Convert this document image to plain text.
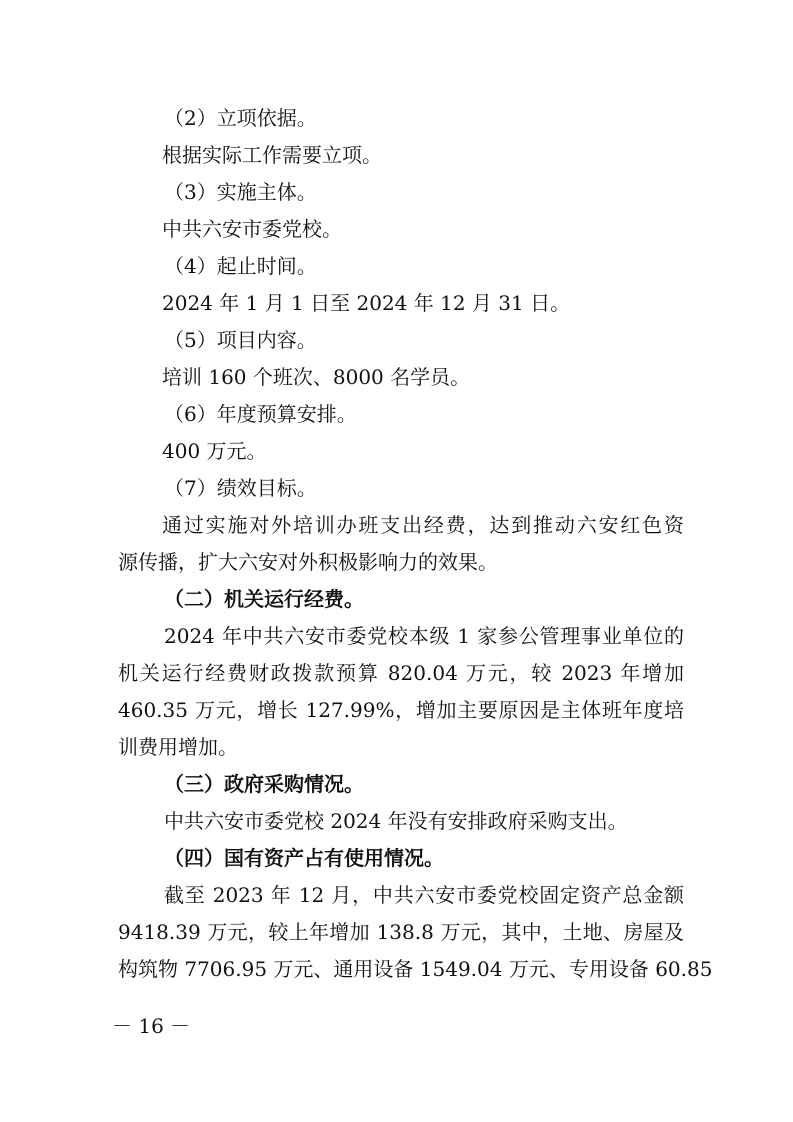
（2）立项依据。
根据实际工作需要立项。
（3）实施主体。
中共六安市委党校。
（4）起止时间。
2024 年 1 月 1 日至 2024 年 12 月 31 日。
（5）项目内容。
培训 160 个班次、8000 名学员。
（6）年度预算安排。
400 万元。
（7）绩效目标。
通过实施对外培训办班支出经费，达到推动六安红色资
源传播，扩大六安对外积极影响力的效果。
（二）机关运行经费。
2024 年中共六安市委党校本级 1 家参公管理事业单位的
机关运行经费财政拨款预算 820.04 万元，较 2023 年增加
460.35 万元，增长 127.99%，增加主要原因是主体班年度培
训费用增加。
（三）政府采购情况。
中共六安市委党校 2024 年没有安排政府采购支出。
（四）国有资产占有使用情况。
截至 2023 年 12 月，中共六安市委党校固定资产总金额
9418.39 万元，较上年增加 138.8 万元，其中，土地、房屋及
构筑物 7706.95 万元、通用设备 1549.04 万元、专用设备 60.85
－ 16 －
